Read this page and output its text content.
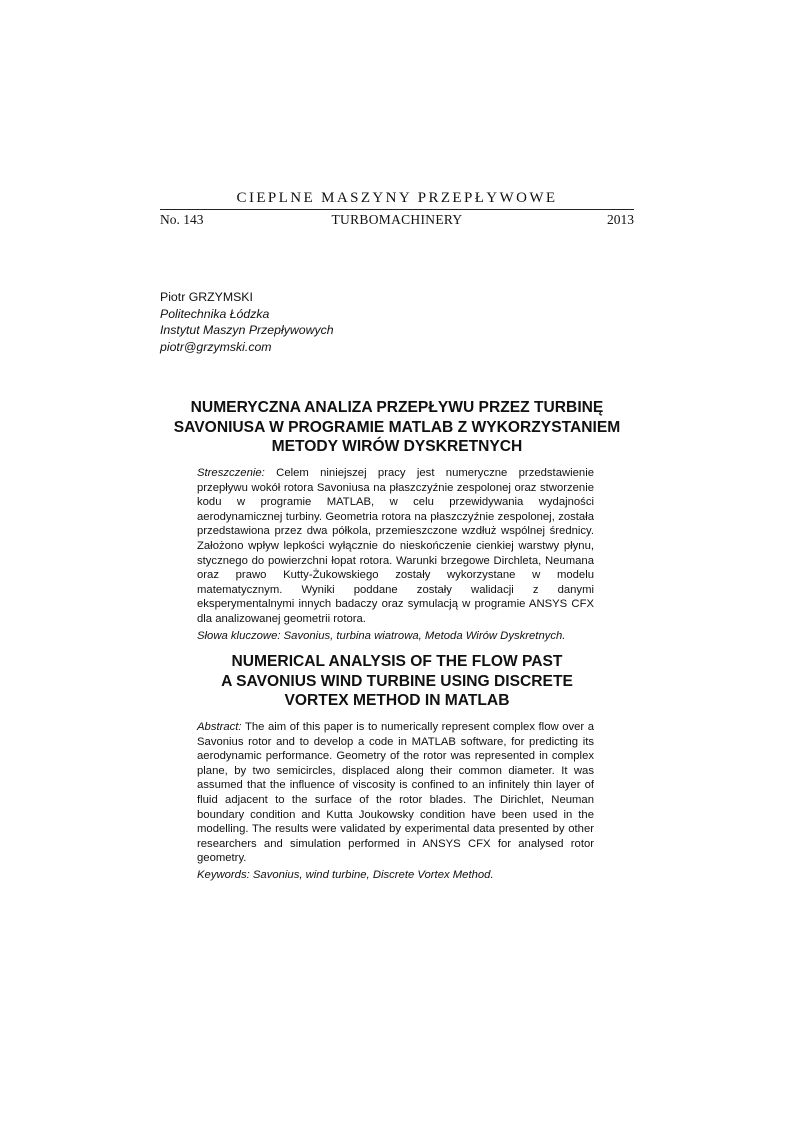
CIEPLNE MASZYNY PRZEPŁYWOWE
TURBOMACHINERY
No. 143	2013
Piotr GRZYMSKI
Politechnika Łódzka
Instytut Maszyn Przepływowych
piotr@grzymski.com
NUMERYCZNA ANALIZA PRZEPŁYWU PRZEZ TURBINĘ
SAVONIUSA W PROGRAMIE MATLAB Z WYKORZYSTANIEM
METODY WIRÓW DYSKRETNYCH

Streszczenie: Celem niniejszej pracy jest numeryczne przedstawienie przepływu wokół rotora Savoniusa na płaszczyźnie zespolonej oraz stworzenie kodu w programie MATLAB, w celu przewidywania wydajności aerodynamicznej turbiny. Geometria rotora na płaszczyźnie zespolonej, została przedstawiona przez dwa półkola, przemieszczone wzdłuż wspólnej średnicy. Założono wpływ lepkości wyłącznie do nieskończenie cienkiej warstwy płynu, stycznego do powierzchni łopat rotora. Warunki brzegowe Dirchleta, Neumana oraz prawo Kutty-Żukowskiego zostały wykorzystane w modelu matematycznym. Wyniki poddane zostały walidacji z danymi eksperymentalnymi innych badaczy oraz symulacją w programie ANSYS CFX dla analizowanej geometrii rotora.

Słowa kluczowe: Savonius, turbina wiatrowa, Metoda Wirów Dyskretnych.

NUMERICAL ANALYSIS OF THE FLOW PAST
A SAVONIUS WIND TURBINE USING DISCRETE
VORTEX METHOD IN MATLAB

Abstract: The aim of this paper is to numerically represent complex flow over a Savonius rotor and to develop a code in MATLAB software, for predicting its aerodynamic performance. Geometry of the rotor was represented in complex plane, by two semicircles, displaced along their common diameter. It was assumed that the influence of viscosity is confined to an infinitely thin layer of fluid adjacent to the surface of the rotor blades. The Dirichlet, Neuman boundary condition and Kutta Joukowsky condition have been used in the modelling. The results were validated by experimental data presented by other researchers and simulation performed in ANSYS CFX for analysed rotor geometry.

Keywords: Savonius, wind turbine, Discrete Vortex Method.
